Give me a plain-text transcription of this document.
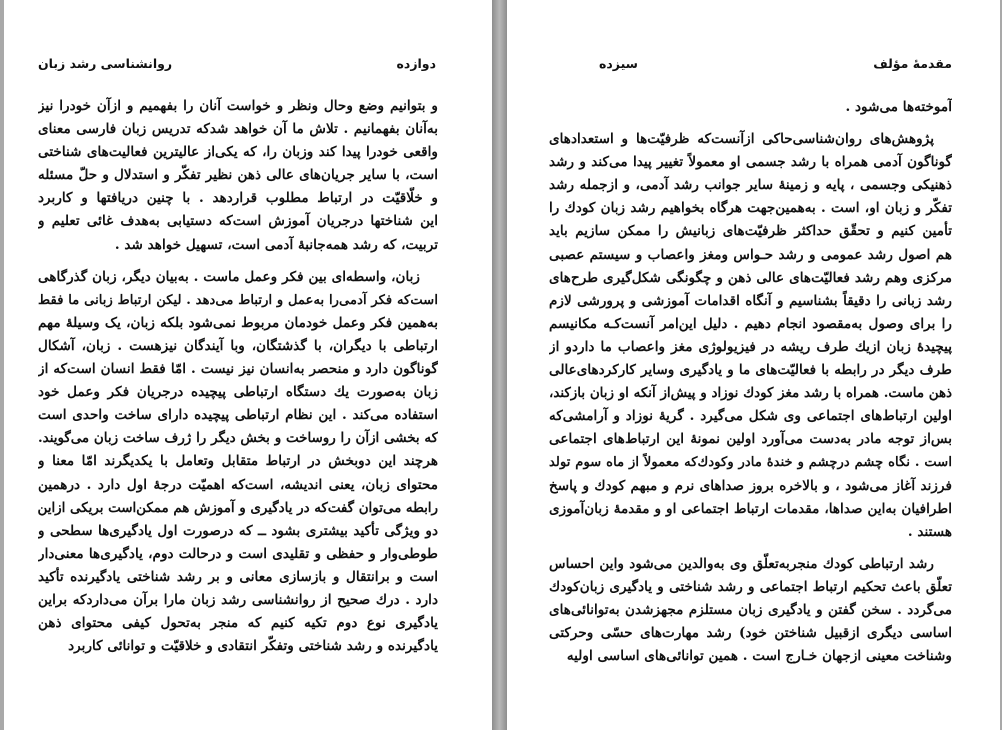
روانشناسی رشد زبان	دوازده

و بتوانیم وضع وحال ونظر و خواست آنان را بفهمیم و ازآن خودرا نیز
به‌آنان بفهمانیم . تلاش ما آن خواهد شدکه تدریس زبان فارسی معنای
واقعی خودرا پیدا کند وزبان را، که یکی‌از عالیترین فعالیت‌های شناختی
است، با سایر جریان‌های عالی ذهن نظیر تفکّر و استدلال و حلّ مسئله
و خلّاقیّت در ارتباط مطلوب قراردهد . با چنین دریافتها و کاربرد
این شناختها درجریان آموزش است‌که دستیابی به‌هدف غائی تعلیم و
تربیت، که رشد همه‌جانبهٔ آدمی است، تسهیل خواهد شد .

زبان، واسطه‌ای بین فکر وعمل ماست . به‌بیان دیگر، زبان گذرگاهی
است‌که فکر آدمی‌را به‌عمل و ارتباط می‌دهد . لیکن ارتباط زبانی ما فقط
به‌همین فکر وعمل خودمان مربوط نمی‌شود بلکه زبان، یک وسیلهٔ مهم
ارتباطی با دیگران، با گذشتگان، وبا آیندگان نیزهست . زبان، آشکال
گوناگون دارد و منحصر به‌انسان نیز نیست . امّا فقط انسان است‌که از
زبان به‌صورت یك دستگاه ارتباطی پیچیده درجریان فکر وعمل خود
استفاده می‌کند . این نظام ارتباطی پیچیده دارای ساخت واحدی است
که بخشی ازآن را روساخت و بخش دیگر را ژرف ساخت زبان می‌گویند.
هرچند این دوبخش در ارتباط متقابل وتعامل با یکدیگرند امّا معنا و
محتوای زبان، یعنی اندیشه، است‌که اهمیّت درجهٔ اول دارد . درهمین
رابطه می‌توان گفت‌که در یادگیری و آموزش هم ممکن‌است بریکی ازاین
دو ویژگی تأکید بیشتری بشود ــ که درصورت اول یادگیری‌ها سطحی و
طوطی‌وار و حفظی و تقلیدی است و درحالت دوم، یادگیری‌ها معنی‌دار
است و برانتقال و بازسازی معانی و بر رشد شناختی یادگیرنده تأکید
دارد . درك صحیح از روانشناسی رشد زبان مارا برآن می‌داردکه براین
یادگیری نوع دوم تکیه کنیم که منجر به‌تحول کیفی محتوای ذهن
یادگیرنده و رشد شناختی وتفکّر انتقادی و خلاقیّت و توانائی کاربرد

مقدمهٔ مؤلف
سیزده

آموخته‌ها می‌شود .

پژوهش‌های روان‌شناسی‌حاکی ازآنست‌که ظرفیّت‌ها و استعدادهای
گوناگون آدمی همراه با رشد جسمی او معمولاً تغییر پیدا می‌کند و رشد
ذهنیکی وجسمی ، پایه و زمینهٔ سایر جوانب رشد آدمی، و ازجمله رشد
تفکّر و زبان او، است . به‌همین‌جهت هرگاه بخواهیم رشد زبان کودك را
تأمین کنیم و تحقّق حداکثر ظرفیّت‌های زبانیش را ممکن سازیم باید
هم اصول رشد عمومی و رشد حـواس ومغز واعصاب و سیستم عصبی
مرکزی وهم رشد فعالیّت‌های عالی ذهن و چگونگی شکل‌گیری طرح‌های
رشد زبانی را دقیقاً بشناسیم و آنگاه اقدامات آموزشی و پرورشی لازم
را برای وصول به‌مقصود انجام دهیم . دلیل این‌امر آنست‌کـه مکانیسم
پیچیدهٔ زبان ازیك طرف ریشه در فیزیولوژی مغز واعصاب ما داردو از
طرف دیگر در رابطه با فعالیّت‌های ما و یادگیری وسایر کارکردهای‌عالی
ذهن ماست. همراه با رشد مغز کودك نوزاد و پیش‌از آنکه او زبان بازکند،
اولین ارتباط‌های اجتماعی وی شکل می‌گیرد . گریهٔ نوزاد و آرامشی‌که
بس‌از توجه مادر به‌دست می‌آورد اولین نمونهٔ این ارتباط‌های اجتماعی
است . نگاه چشم درچشم و خندهٔ مادر وکودك‌که معمولاً از ماه سوم تولد
فرزند آغاز می‌شود ، و بالاخره بروز صداهای نرم و مبهم کودك و پاسخ
اطرافیان به‌این صداها، مقدمات ارتباط اجتماعی او و مقدمهٔ زبان‌آموزی
هستند .

رشد ارتباطی کودك منجربه‌تعلّق وی به‌والدین می‌شود واین احساس
تعلّق باعث تحکیم ارتباط اجتماعی و رشد شناختی و یادگیری زبان‌کودك
می‌گردد . سخن گفتن و یادگیری زبان مستلزم مجهزشدن به‌توانائی‌های
اساسی دیگری ازقبیل شناختن خود) رشد مهارت‌های حسّی وحرکتی
وشناخت معینی ازجهان خـارج است . همین توانائی‌های اساسی اولیه
